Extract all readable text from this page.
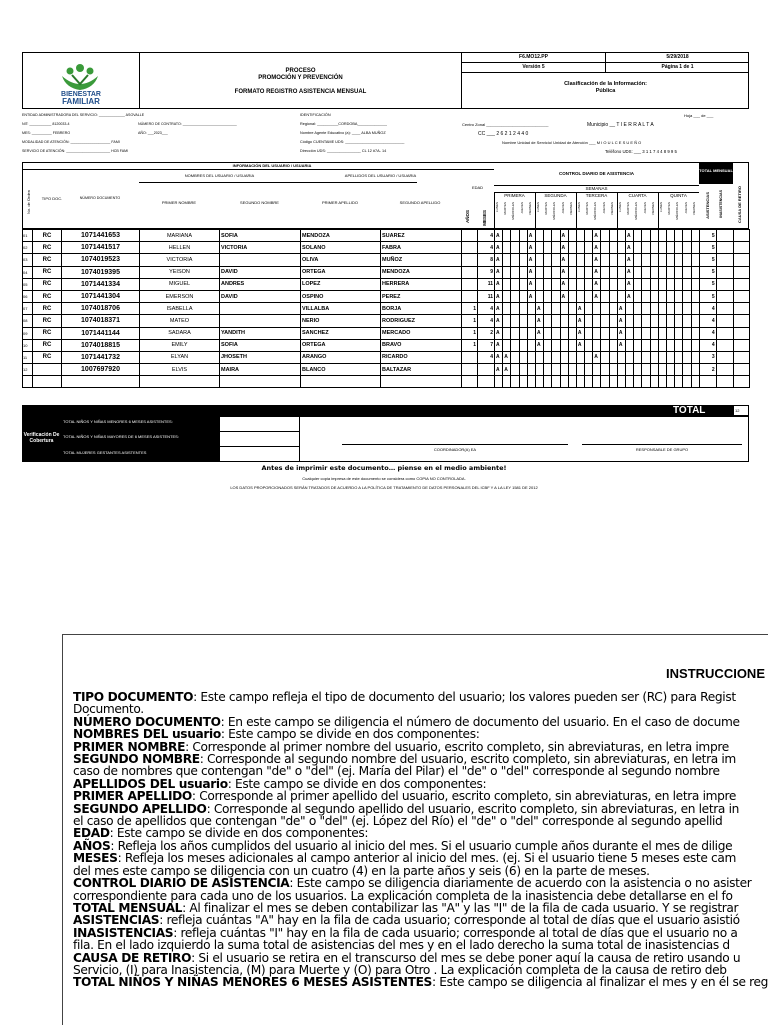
BIENESTAR
FAMILIAR
PROCESO
PROMOCIÓN Y PREVENCIÓN
FORMATO REGISTRO ASISTENCIA MENSUAL
F6.MO12.PP	5/29/2018
Versión 5	Página 1 de 1
Clasificación de la Información:
Pública
ENTIDAD ADMINISTRADORA DEL SERVICIO: _____________ ASOVALLE
NIT: ___________ 8120033-4	NÚMERO DE CONTRATO: ___________________________
MES: __________ FEBRERO	AÑO: ___2023___
MODALIDAD DE ATENCIÓN: ____________________ FAMI
SERVICIO DE ATENCIÓN: ______________________ HCB FAMI
IDENTIFICACIÓN
Regional: __________CORDOBA______________
Nombre Agente Educativo (a): ____ ALBA MUÑOZ
Código CUENTAME UDS: ____________________________
Dirección UDS: ________________ CL 12 #7A- 14
Hoja ___ de ___
Centro Zonal ____________________________	Municipio __ T I E R R A L T A
CC ___ 2 6 2 1 2 4 4 0
Nombre Unidad de Servicio/ Unidad de Atención ___ M I O U L C E S U E Ñ O
Teléfono UDS: ___ 3 1 1 7 4 4 8 9 9 5
INFORMACIÓN DEL USUARIO / USUARIA
NOMBRES DEL USUARIO / USUARIA	APELLIDOS DEL USUARIO / USUARIA
PRIMER NOMBRE	SEGUNDO NOMBRE	PRIMER APELLIDO	SEGUNDO APELLIDO
TIPO DOC.	NÚMERO DOCUMENTO
No. de Orden
EDAD
AÑOS	MESES
CONTROL DIARIO DE ASISTENCIA
SEMANAS
PRIMERA
LUNES MARTES MIÉRCOLES JUEVES VIERNES
SEGUNDA
LUNES MARTES MIÉRCOLES JUEVES VIERNES
TERCERA
LUNES MARTES MIÉRCOLES JUEVES VIERNES
CUARTA
LUNES MARTES MIÉRCOLES JUEVES VIERNES
QUINTA
LUNES MARTES MIÉRCOLES JUEVES VIERNES
TOTAL MENSUAL
ASISTENCIAS	INASISTENCIAS	CAUSA DE RETIRO
01	RC	1071441653	MARIANA	SOFIA	MENDOZA	SUAREZ		4	A				A				A				A				A									5		
02	RC	1071441517	HELLEN	VICTORIA	SOLANO	FABRA		4	A				A				A				A				A									5		
03	RC	1074019523	VICTORIA		OLIVA	MUÑOZ		8	A				A				A				A				A									5		
04	RC	1074019395	YEISON	DAVID	ORTEGA	MENDOZA		9	A				A				A				A				A									5		
05	RC	1071441334	MIGUEL	ANDRES	LOPEZ	HERRERA		11	A				A				A				A				A									5		
06	RC	1071441304	EMERSON	DAVID	OSPINO	PEREZ		11	A				A				A				A				A									5		
07	RC	1074018706	ISABELLA		VILLALBA	BORJA	1	4	A					A					A					A										4		
08	RC	1074018371	MATEO		NERIO	RODRIGUEZ	1	4	A					A					A					A										4		
09	RC	1071441144	SADARA	YANDITH	SANCHEZ	MERCADO	1	2	A					A					A					A										4		
10	RC	1074018815	EMILY	SOFIA	ORTEGA	BRAVO	1	7	A					A					A					A										4		
11	RC	1071441732	ELYAN	JHOSETH	ARANGO	RICARDO		4	A	A											A													3		
12		1007697920	ELVIS	MAIRA	BLANCO	BALTAZAR			A	A																								2		

TOTAL	12
Verificación De Cobertura
TOTAL NIÑOS Y NIÑAS MENORES 6 MESES ASISTENTES:
TOTAL NIÑOS Y NIÑAS MAYORES DE 6 MESES ASISTENTES:
TOTAL MUJERES GESTANTES ASISTENTES
COORDINADOR(A) EA	RESPONSABLE DE GRUPO
Antes de imprimir este documento… piense en el medio ambiente!
Cualquier copia impresa de este documento se considera como COPIA NO CONTROLADA.
LOS DATOS PROPORCIONADOS SERÁN TRATADOS DE ACUERDO A LA POLÍTICA DE TRATAMIENTO DE DATOS PERSONALES DEL ICBF Y A LA LEY 1581 DE 2012
INSTRUCCIONE

TIPO DOCUMENTO: Este campo refleja el tipo de documento del usuario; los valores pueden ser (RC) para Regist

Documento.

NÚMERO DOCUMENTO: En este campo se diligencia el número de documento del usuario. En el caso de docume

NOMBRES DEL usuario: Este campo se divide en dos componentes:

PRIMER NOMBRE: Corresponde al primer nombre del usuario, escrito completo, sin abreviaturas, en letra impre

SEGUNDO NOMBRE: Corresponde al segundo nombre del usuario, escrito completo, sin abreviaturas, en letra im

caso de nombres que contengan "de" o "del" (ej. María del Pilar) el "de" o "del" corresponde al segundo nombre

APELLIDOS DEL usuario: Este campo se divide en dos componentes:

PRIMER APELLIDO: Corresponde al primer apellido del usuario, escrito completo, sin abreviaturas, en letra impre

SEGUNDO APELLIDO: Corresponde al segundo apellido del usuario, escrito completo, sin abreviaturas, en letra in

el caso de apellidos que contengan "de" o "del" (ej. López del Río) el "de" o "del" corresponde al segundo apellid

EDAD: Este campo se divide en dos componentes:

AÑOS: Refleja los años cumplidos del usuario al inicio del mes. Si el usuario cumple años durante el mes de dilige

MESES: Refleja los meses adicionales al campo anterior al inicio del mes. (ej. Si el usuario tiene 5 meses este cam

del mes este campo se diligencia con un cuatro (4) en la parte años y seis (6) en la parte de meses.

CONTROL DIARIO DE ASISTENCIA: Este campo se diligencia diariamente de acuerdo con la asistencia o no asister

correspondiente para cada uno de los usuarios. La explicación completa de la inasistencia debe detallarse en el fo

TOTAL MENSUAL: Al finalizar el mes se deben contabilizar las "A" y las "I" de la fila de cada usuario. Y se registrar

ASISTENCIAS: refleja cuántas "A" hay en la fila de cada usuario; corresponde al total de días que el usuario asistió

INASISTENCIAS: refleja cuántas "I" hay en la fila de cada usuario; corresponde al total de días que el usuario no a

fila. En el lado izquierdo la suma total de asistencias del mes y en el lado derecho la suma total de inasistencias d

CAUSA DE RETIRO: Si el usuario se retira en el transcurso del mes se debe poner aquí la causa de retiro usando u

Servicio, (I) para Inasistencia, (M) para Muerte y (O) para Otro . La explicación completa de la causa de retiro deb

TOTAL NIÑOS Y NIÑAS MENORES 6 MESES ASISTENTES: Este campo se diligencia al finalizar el mes y en él se reg
